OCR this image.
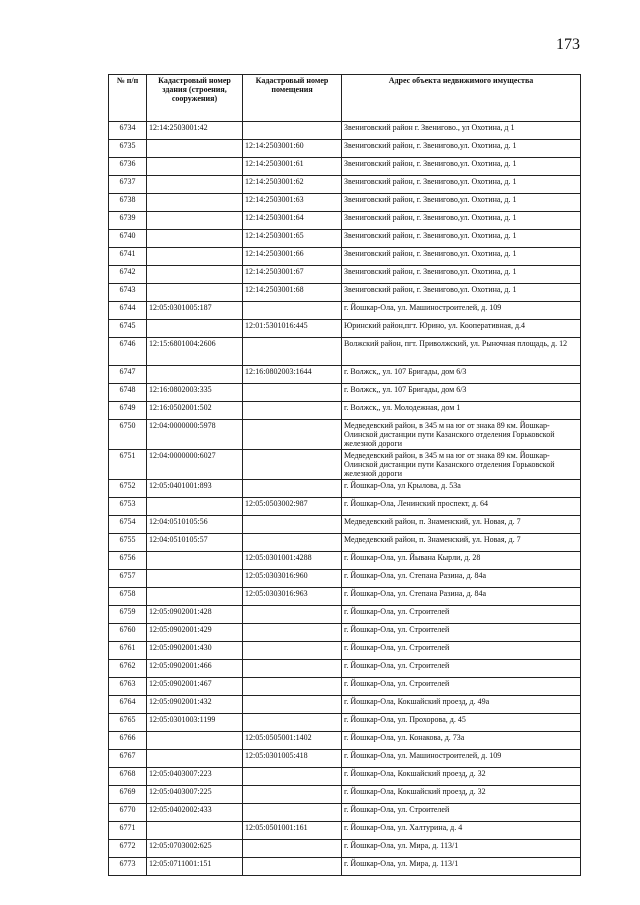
173
№ п/п	Кадастровый номер здания (строения, сооружения)	Кадастровый номер помещения	Адрес объекта недвижимого имущества
6734	12:14:2503001:42		Звениговский район г. Звенигово., ул Охотина, д 1
6735		12:14:2503001:60	Звениговский район, г. Звенигово,ул. Охотина, д. 1
6736		12:14:2503001:61	Звениговский район, г. Звенигово,ул. Охотина, д. 1
6737		12:14:2503001:62	Звениговский район, г. Звенигово,ул. Охотина, д. 1
6738		12:14:2503001:63	Звениговский район, г. Звенигово,ул. Охотина, д. 1
6739		12:14:2503001:64	Звениговский район, г. Звенигово,ул. Охотина, д. 1
6740		12:14:2503001:65	Звениговский район, г. Звенигово,ул. Охотина, д. 1
6741		12:14:2503001:66	Звениговский район, г. Звенигово,ул. Охотина, д. 1
6742		12:14:2503001:67	Звениговский район, г. Звенигово,ул. Охотина, д. 1
6743		12:14:2503001:68	Звениговский район, г. Звенигово,ул. Охотина, д. 1
6744	12:05:0301005:187		г. Йошкар-Ола, ул. Машиностроителей, д. 109
6745		12:01:5301016:445	Юринский район,пгт. Юрино, ул. Кооперативная, д.4
6746	12:15:6801004:2606		Волжский район, пгт. Приволжский, ул. Рыночная площадь, д. 12
6747		12:16:0802003:1644	г. Волжск,, ул. 107 Бригады, дом 6/3
6748	12:16:0802003:335		г. Волжск,, ул. 107 Бригады, дом 6/3
6749	12:16:0502001:502		г. Волжск,, ул. Молодежная, дом 1
6750	12:04:0000000:5978		Медведевский район, в 345 м на юг от знака 89 км. Йошкар-Олинской дистанции пути Казанского отделения Горьковской железной дороги
6751	12:04:0000000:6027		Медведевский район, в 345 м на юг от знака 89 км. Йошкар-Олинской дистанции пути Казанского отделения Горьковской железной дороги
6752	12:05:0401001:893		г. Йошкар-Ола, ул Крылова, д. 53а
6753		12:05:0503002:987	г. Йошкар-Ола, Ленинский проспект, д. 64
6754	12:04:0510105:56		Медведевский район, п. Знаменский, ул. Новая, д. 7
6755	12:04:0510105:57		Медведевский район, п. Знаменский, ул. Новая, д. 7
6756		12:05:0301001:4288	г. Йошкар-Ола, ул. Йывана Кырли, д. 28
6757		12:05:0303016:960	г. Йошкар-Ола, ул. Степана Разина, д. 84а
6758		12:05:0303016:963	г. Йошкар-Ола, ул. Степана Разина, д. 84а
6759	12:05:0902001:428		г. Йошкар-Ола, ул. Строителей
6760	12:05:0902001:429		г. Йошкар-Ола, ул. Строителей
6761	12:05:0902001:430		г. Йошкар-Ола, ул. Строителей
6762	12:05:0902001:466		г. Йошкар-Ола, ул. Строителей
6763	12:05:0902001:467		г. Йошкар-Ола, ул. Строителей
6764	12:05:0902001:432		г. Йошкар-Ола, Кокшайский проезд, д. 49а
6765	12:05:0301003:1199		г. Йошкар-Ола, ул. Прохорова, д. 45
6766		12:05:0505001:1402	г. Йошкар-Ола, ул. Конакова, д. 73а
6767		12:05:0301005:418	г. Йошкар-Ола, ул. Машиностроителей, д. 109
6768	12:05:0403007:223		г. Йошкар-Ола, Кокшайский проезд, д. 32
6769	12:05:0403007:225		г. Йошкар-Ола, Кокшайский проезд, д. 32
6770	12:05:0402002:433		г. Йошкар-Ола, ул. Строителей
6771		12:05:0501001:161	г. Йошкар-Ола, ул. Халтурина, д. 4
6772	12:05:0703002:625		г. Йошкар-Ола, ул. Мира, д. 113/1
6773	12:05:0711001:151		г. Йошкар-Ола, ул. Мира, д. 113/1
